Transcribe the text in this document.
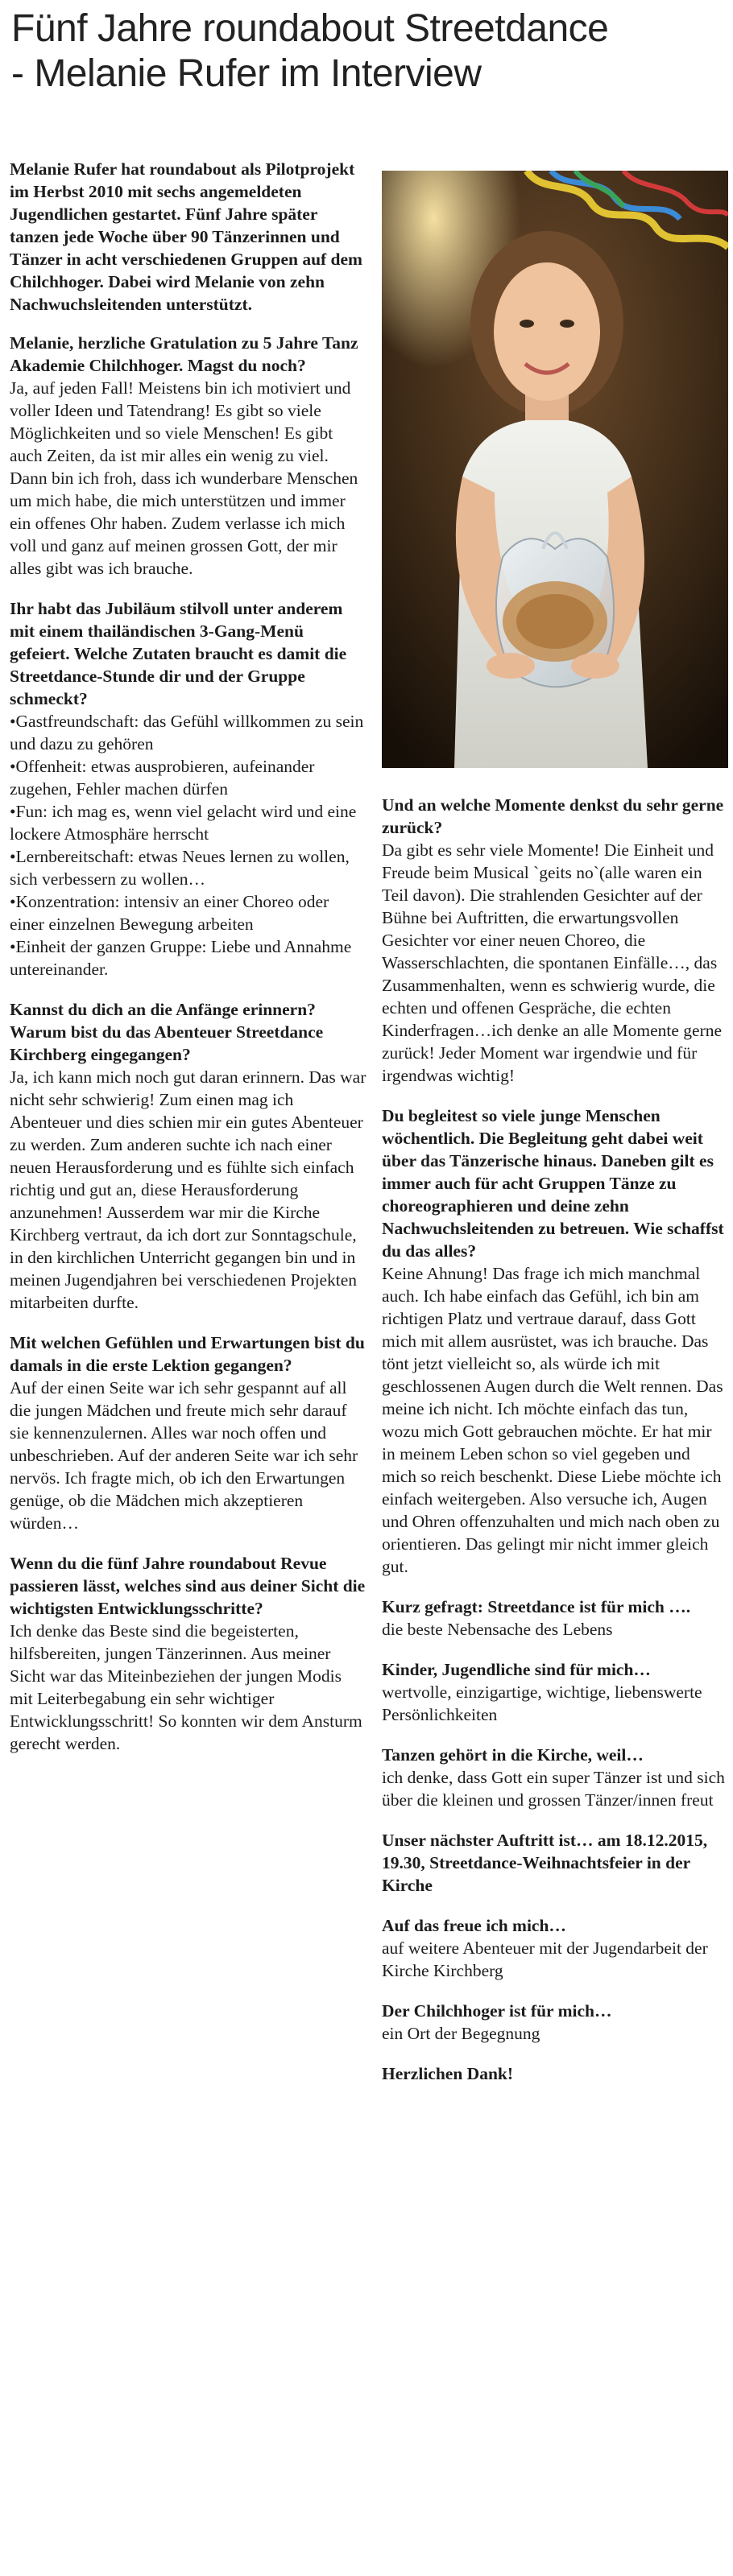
Fünf Jahre roundabout Streetdance
- Melanie Rufer im Interview

Melanie Rufer hat roundabout als Pilotprojekt im Herbst 2010 mit sechs angemeldeten Jugendlichen gestartet. Fünf Jahre später tanzen jede Woche über 90 Tänzerinnen und Tänzer in acht verschiedenen Gruppen auf dem Chilchhoger. Dabei wird Melanie von zehn Nachwuchsleitenden unterstützt.

Melanie, herzliche Gratulation zu 5 Jahre Tanz Akademie Chilchhoger. Magst du noch?

Ja, auf jeden Fall! Meistens bin ich motiviert und voller Ideen und Tatendrang! Es gibt so viele Möglichkeiten und so viele Menschen! Es gibt auch Zeiten, da ist mir alles ein wenig zu viel. Dann bin ich froh, dass ich wunderbare Menschen um mich habe, die mich unterstützen und immer ein offenes Ohr haben. Zudem verlasse ich mich voll und ganz auf meinen grossen Gott, der mir alles gibt was ich brauche.

Ihr habt das Jubiläum stilvoll unter anderem mit einem thailändischen 3-Gang-Menü gefeiert. Welche Zutaten braucht es damit die Streetdance-Stunde dir und der Gruppe schmeckt?

•Gastfreundschaft: das Gefühl willkommen zu sein und dazu zu gehören

•Offenheit: etwas ausprobieren, aufeinander zugehen, Fehler machen dürfen

•Fun: ich mag es, wenn viel gelacht wird und eine lockere Atmosphäre herrscht

•Lernbereitschaft: etwas Neues lernen zu wollen, sich verbessern zu wollen…

•Konzentration: intensiv an einer Choreo oder einer einzelnen Bewegung arbeiten

•Einheit der ganzen Gruppe: Liebe und Annahme untereinander.

Kannst du dich an die Anfänge erinnern? Warum bist du das Abenteuer Streetdance Kirchberg eingegangen?

Ja, ich kann mich noch gut daran erinnern. Das war nicht sehr schwierig! Zum einen mag ich Abenteuer und dies schien mir ein gutes Abenteuer zu werden. Zum anderen suchte ich nach einer neuen Herausforderung und es fühlte sich einfach richtig und gut an, diese Herausforderung anzunehmen! Ausserdem war mir die Kirche Kirchberg vertraut, da ich dort zur Sonntagschule, in den kirchlichen Unterricht gegangen bin und in meinen Jugendjahren bei verschiedenen Projekten mitarbeiten durfte.

Mit welchen Gefühlen und Erwartungen bist du damals in die erste Lektion gegangen?

Auf der einen Seite war ich sehr gespannt auf all die jungen Mädchen und freute mich sehr darauf sie kennenzulernen. Alles war noch offen und unbeschrieben. Auf der anderen Seite war ich sehr nervös. Ich fragte mich, ob ich den Erwartungen genüge, ob die Mädchen mich akzeptieren würden…

Wenn du die fünf Jahre roundabout Revue passieren lässt, welches sind aus deiner Sicht die wichtigsten Entwicklungsschritte?

Ich denke das Beste sind die begeisterten, hilfsbereiten, jungen Tänzerinnen. Aus meiner Sicht war das Miteinbeziehen der jungen Modis mit Leiterbegabung ein sehr wichtiger Entwicklungsschritt! So konnten wir dem Ansturm gerecht werden.

Und an welche Momente denkst du sehr gerne zurück?

Da gibt es sehr viele Momente! Die Einheit und Freude beim Musical `geits no`(alle waren ein Teil davon). Die strahlenden Gesichter auf der Bühne bei Auftritten, die erwartungsvollen Gesichter vor einer neuen Choreo, die Wasserschlachten, die spontanen Einfälle…, das Zusammenhalten, wenn es schwierig wurde, die echten und offenen Gespräche, die echten Kinderfragen…ich denke an alle Momente gerne zurück! Jeder Moment war irgendwie und für irgendwas wichtig!

Du begleitest so viele junge Menschen wöchentlich. Die Begleitung geht dabei weit über das Tänzerische hinaus. Daneben gilt es immer auch für acht Gruppen Tänze zu choreographieren und deine zehn Nachwuchsleitenden zu betreuen. Wie schaffst du das alles?

Keine Ahnung! Das frage ich mich manchmal auch. Ich habe einfach das Gefühl, ich bin am richtigen Platz und vertraue darauf, dass Gott mich mit allem ausrüstet, was ich brauche. Das tönt jetzt vielleicht so, als würde ich mit geschlossenen Augen durch die Welt rennen. Das meine ich nicht. Ich möchte einfach das tun, wozu mich Gott gebrauchen möchte. Er hat mir in meinem Leben schon so viel gegeben und mich so reich beschenkt. Diese Liebe möchte ich einfach weitergeben. Also versuche ich, Augen und Ohren offenzuhalten und mich nach oben zu orientieren. Das gelingt mir nicht immer gleich gut.

Kurz gefragt: Streetdance ist für mich ….

die beste Nebensache des Lebens

Kinder, Jugendliche sind für mich…

wertvolle, einzigartige, wichtige, liebenswerte Persönlichkeiten

Tanzen gehört in die Kirche, weil…

ich denke, dass Gott ein super Tänzer ist und sich über die kleinen und grossen Tänzer/innen freut

Unser nächster Auftritt ist… am 18.12.2015, 19.30, Streetdance-Weihnachtsfeier in der Kirche

Auf das freue ich mich…

auf weitere Abenteuer mit der Jugendarbeit der Kirche Kirchberg

Der Chilchhoger ist für mich…

ein Ort der Begegnung

Herzlichen Dank!
